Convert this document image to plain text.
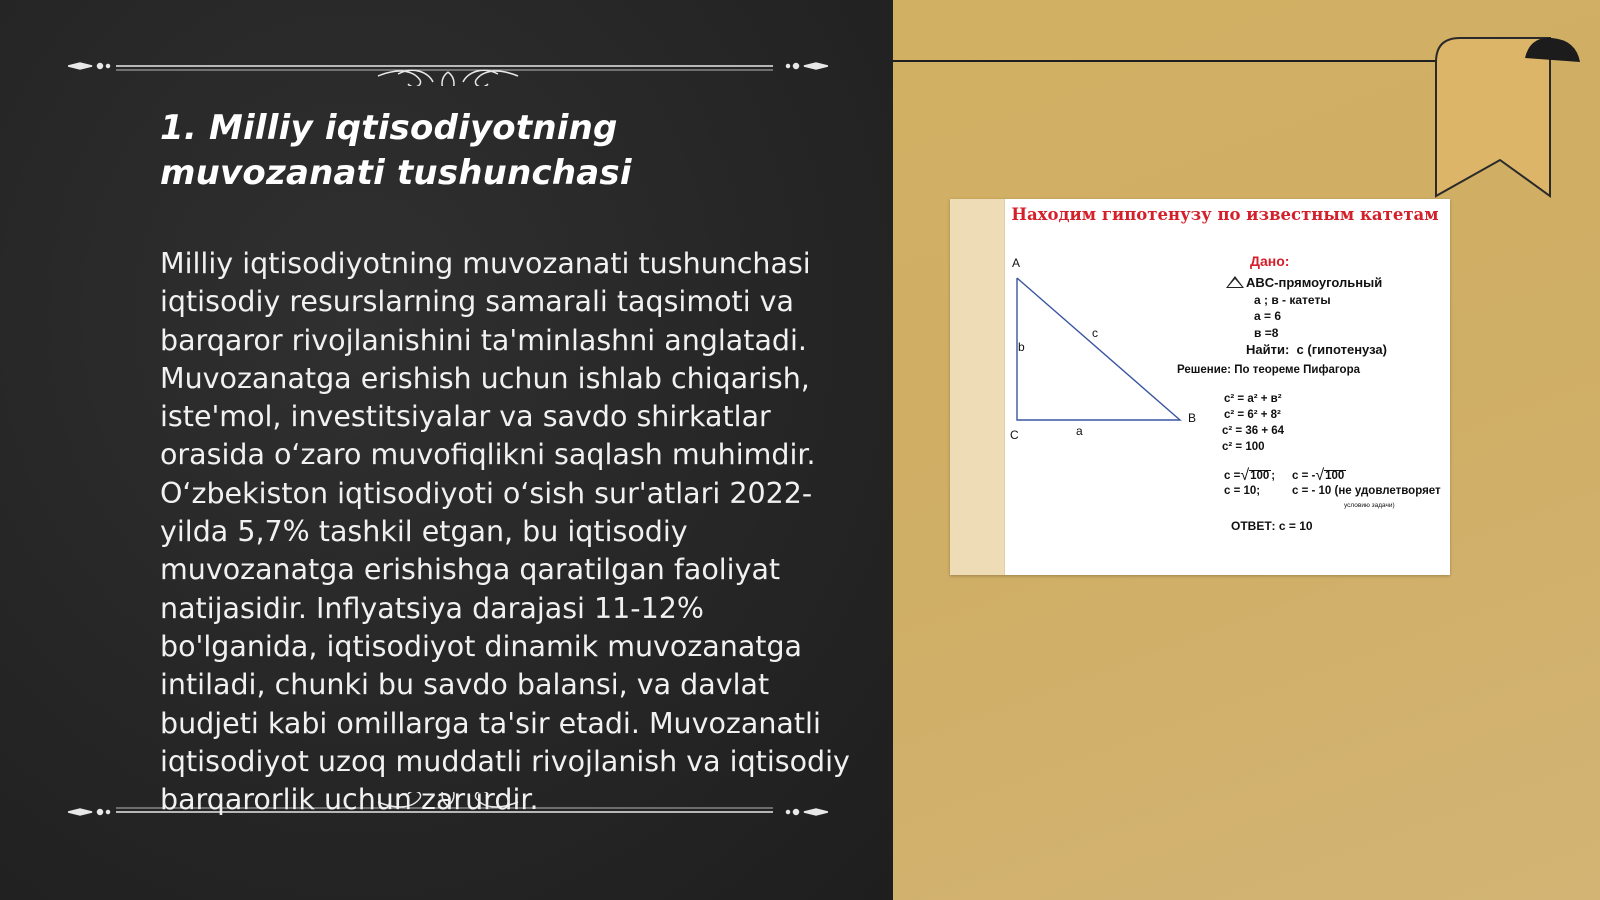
1. Milliy iqtisodiyotning muvozanati tushunchasi

Milliy iqtisodiyotning muvozanati tushunchasi iqtisodiy resurslarning samarali taqsimoti va barqaror rivojlanishini ta'minlashni anglatadi. Muvozanatga erishish uchun ishlab chiqarish, iste'mol, investitsiyalar va savdo shirkatlar orasida oʻzaro muvofiqlikni saqlash muhimdir. Oʻzbekiston iqtisodiyoti oʻsish sur'atlari 2022-yilda 5,7% tashkil etgan, bu iqtisodiy muvozanatga erishishga qaratilgan faoliyat natijasidir. Inflyatsiya darajasi 11-12% bo'lganida, iqtisodiyot dinamik muvozanatga intiladi, chunki bu savdo balansi, va davlat budjeti kabi omillarga ta'sir etadi. Muvozanatli iqtisodiyot uzoq muddatli rivojlanish va iqtisodiy barqarorlik uchun zarurdir.

Находим гипотенузу по известным катетам

A
B
C
c
b
a

Дано:

ABC-прямоугольный

a ; в - катеты

a = 6

в =8

Найти: с (гипотенуза)

Решение: По теореме Пифагора

с² = а² + в²

с² = 6² + 8²

с² = 36 + 64

с² = 100

с =√100 ; с = -√100

с = 10;	с = - 10 (не удовлетворяет

условию задачи)

ОТВЕТ: с = 10
